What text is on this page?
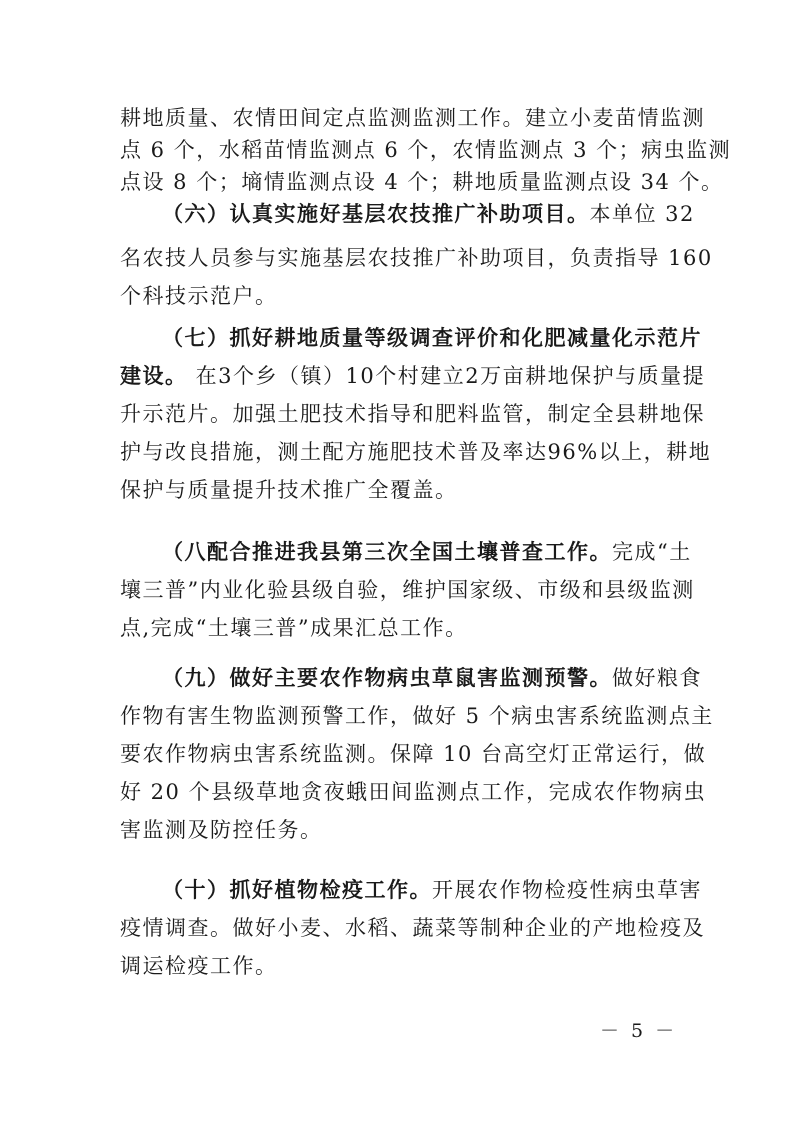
耕地质量、农情田间定点监测监测工作。建立小麦苗情监测
点 6 个，水稻苗情监测点 6 个，农情监测点 3 个；病虫监测
点设 8 个；墒情监测点设 4 个；耕地质量监测点设 34 个。
（六）认真实施好基层农技推广补助项目。本单位 32
名农技人员参与实施基层农技推广补助项目，负责指导 160
个科技示范户。
（七）抓好耕地质量等级调查评价和化肥减量化示范片
建设。 在3个乡（镇）10个村建立2万亩耕地保护与质量提
升示范片。加强土肥技术指导和肥料监管，制定全县耕地保
护与改良措施，测土配方施肥技术普及率达96%以上，耕地
保护与质量提升技术推广全覆盖。
（八配合推进我县第三次全国土壤普查工作。完成“土
壤三普”内业化验县级自验，维护国家级、市级和县级监测
点,完成“土壤三普”成果汇总工作。
（九）做好主要农作物病虫草鼠害监测预警。做好粮食
作物有害生物监测预警工作，做好 5 个病虫害系统监测点主
要农作物病虫害系统监测。保障 10 台高空灯正常运行，做
好 20 个县级草地贪夜蛾田间监测点工作，完成农作物病虫
害监测及防控任务。
（十）抓好植物检疫工作。开展农作物检疫性病虫草害
疫情调查。做好小麦、水稻、蔬菜等制种企业的产地检疫及
调运检疫工作。
－ 5 －
